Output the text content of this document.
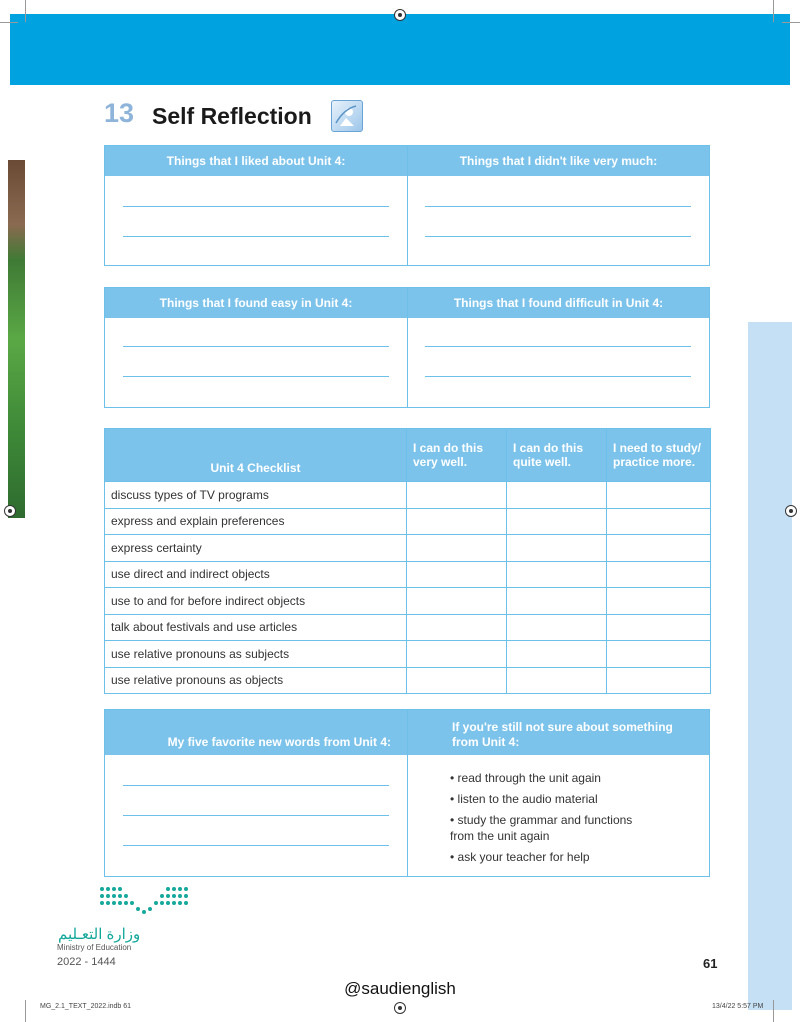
13 Self Reflection
Things that I liked about Unit 4:	Things that I didn't like very much:
Things that I found easy in Unit 4:	Things that I found difficult in Unit 4:
Unit 4 Checklist	I can do this very well.	I can do this quite well.	I need to study/ practice more.
discuss types of TV programs			
express and explain preferences			
express certainty			
use direct and indirect objects			
use to and for before indirect objects			
talk about festivals and use articles			
use relative pronouns as subjects			
use relative pronouns as objects			
My five favorite new words from Unit 4:
If you're still not sure about something from Unit 4:
• read through the unit again
• listen to the audio material
• study the grammar and functions from the unit again
• ask your teacher for help
وزارة التعـليم
Ministry of Education
2022 - 1444	61
@saudienglish
MG_2.1_TEXT_2022.indb 61	13/4/22 5:57 PM
